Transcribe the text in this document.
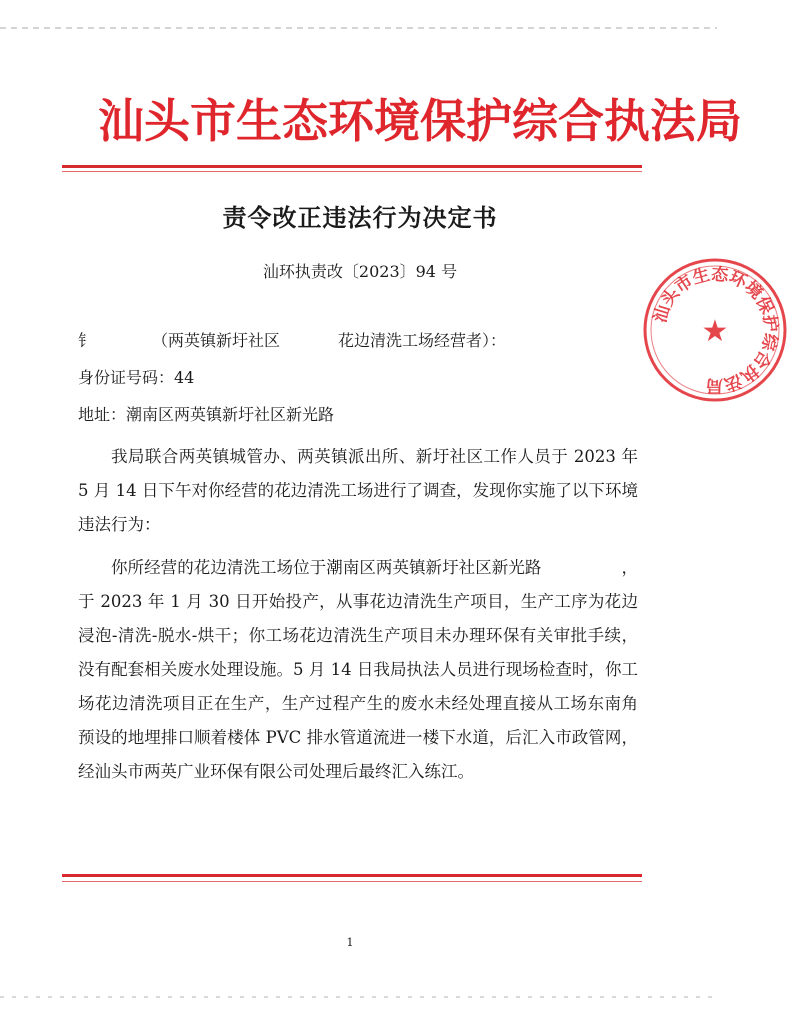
汕头市生态环境保护综合执法局
汕头市生态环境保护综合执法局
★
责令改正违法行为决定书
汕环执责改〔2023〕94 号
钅	（两英镇新圩社区	花边清洗工场经营者）：
身份证号码：44
地址：潮南区两英镇新圩社区新光路

我局联合两英镇城管办、两英镇派出所、新圩社区工作人员于 2023 年 5 月 14 日下午对你经营的花边清洗工场进行了调查，发现你实施了以下环境违法行为：

你所经营的花边清洗工场位于潮南区两英镇新圩社区新光路	，于 2023 年 1 月 30 日开始投产，从事花边清洗生产项目，生产工序为花边浸泡-清洗-脱水-烘干；你工场花边清洗生产项目未办理环保有关审批手续，没有配套相关废水处理设施。5 月 14 日我局执法人员进行现场检查时，你工场花边清洗项目正在生产，生产过程产生的废水未经处理直接从工场东南角预设的地埋排口顺着楼体 PVC 排水管道流进一楼下水道，后汇入市政管网，经汕头市两英广业环保有限公司处理后最终汇入练江。

1
